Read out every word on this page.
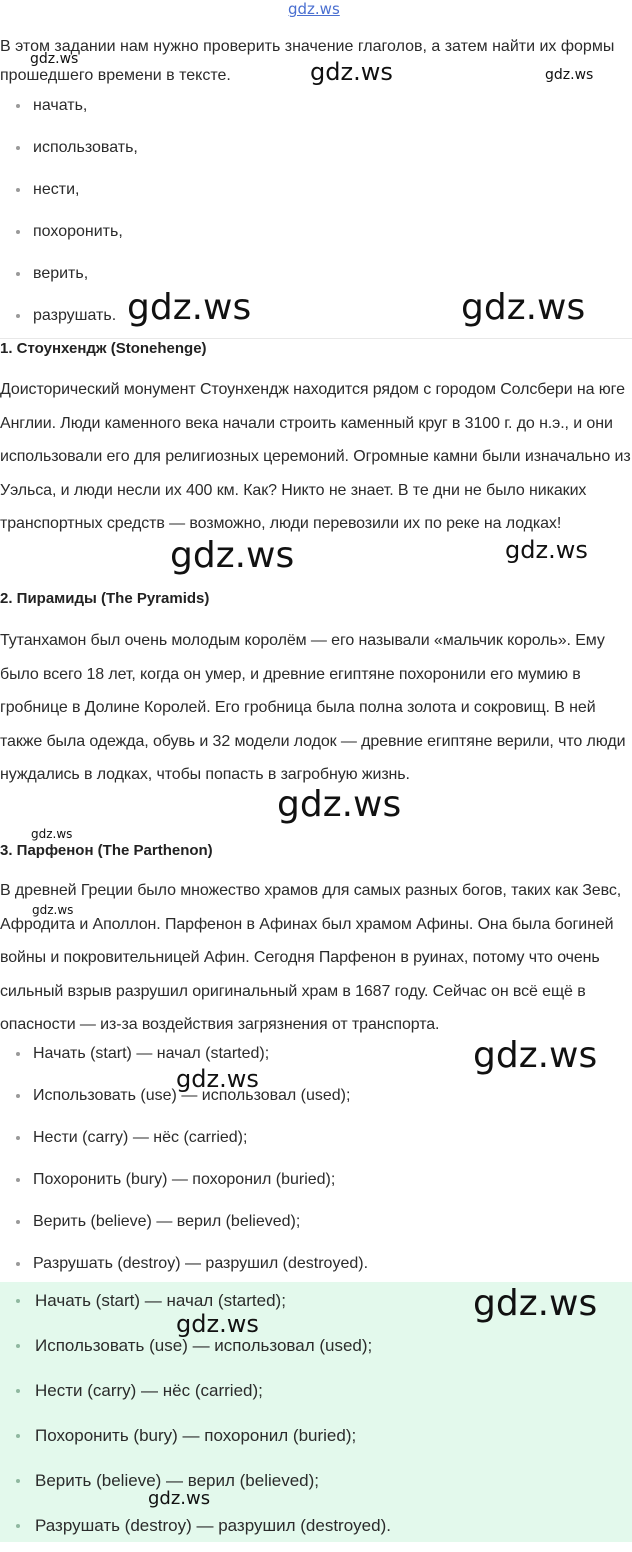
gdz.ws

В этом задании нам нужно проверить значение глаголов, а затем найти их формы прошедшего времени в тексте.

начать,
использовать,
нести,
похоронить,
верить,
разрушать.
1. Стоунхендж (Stonehenge)

Доисторический монумент Стоунхендж находится рядом с городом Солсбери на юге Англии. Люди каменного века начали строить каменный круг в 3100 г. до н.э., и они использовали его для религиозных церемоний. Огромные камни были изначально из Уэльса, и люди несли их 400 км. Как? Никто не знает. В те дни не было никаких транспортных средств — возможно, люди перевозили их по реке на лодках!

2. Пирамиды (The Pyramids)

Тутанхамон был очень молодым королём — его называли «мальчик король». Ему было всего 18 лет, когда он умер, и древние египтяне похоронили его мумию в гробнице в Долине Королей. Его гробница была полна золота и сокровищ. В ней также была одежда, обувь и 32 модели лодок — древние египтяне верили, что люди нуждались в лодках, чтобы попасть в загробную жизнь.

3. Парфенон (The Parthenon)

В древней Греции было множество храмов для самых разных богов, таких как Зевс, Афродита и Аполлон. Парфенон в Афинах был храмом Афины. Она была богиней войны и покровительницей Афин. Сегодня Парфенон в руинах, потому что очень сильный взрыв разрушил оригинальный храм в 1687 году. Сейчас он всё ещё в опасности — из-за воздействия загрязнения от транспорта.

Начать (start) — начал (started);
Использовать (use) — использовал (used);
Нести (carry) — нёс (carried);
Похоронить (bury) — похоронил (buried);
Верить (believe) — верил (believed);
Разрушать (destroy) — разрушил (destroyed).
Начать (start) — начал (started);
Использовать (use) — использовал (used);
Нести (carry) — нёс (carried);
Похоронить (bury) — похоронил (buried);
Верить (believe) — верил (believed);
Разрушать (destroy) — разрушил (destroyed).
gdz.ws	gdz.ws	gdz.ws
gdz.ws	gdz.ws
gdz.ws	gdz.ws
gdz.ws
gdz.ws
gdz.ws
gdz.ws
gdz.ws
gdz.ws
gdz.ws
gdz.ws
